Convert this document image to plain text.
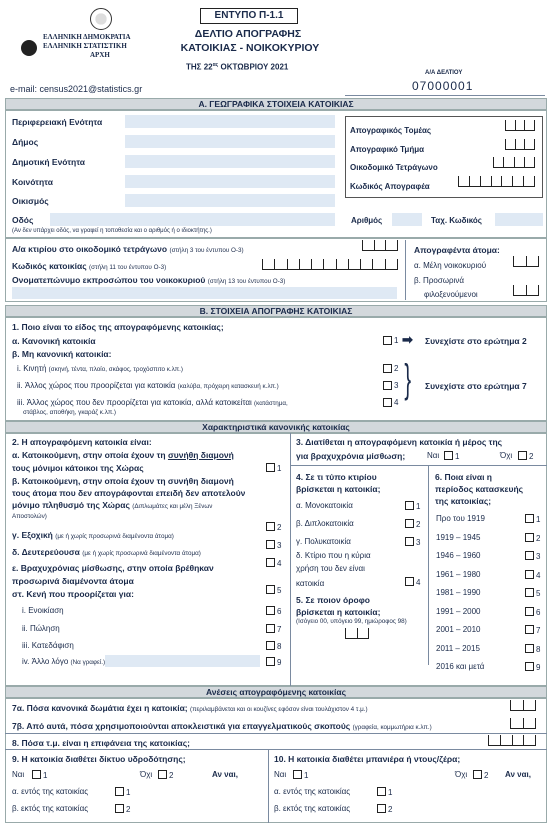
ΕΛΛΗΝΙΚΗ ΔΗΜΟΚΡΑΤΙΑ
ΕΛΛΗΝΙΚΗ ΣΤΑΤΙΣΤΙΚΗ
ΑΡΧΗ
e-mail: census2021@statistics.gr
ΕΝΤΥΠΟ Π-1.1
ΔΕΛΤΙΟ ΑΠΟΓΡΑΦΗΣ
ΚΑΤΟΙΚΙΑΣ - ΝΟΙΚΟΚΥΡΙΟΥ
ΤΗΣ $22^{\alpha\varsigma}$ ΟΚΤΩΒΡΙΟΥ 2021
Α/Α ΔΕΛΤΙΟΥ
07000001
Α. ΓΕΩΓΡΑΦΙΚΑ ΣΤΟΙΧΕΙΑ ΚΑΤΟΙΚΙΑΣ
Περιφερειακή Ενότητα
Δήμος
Δημοτική Ενότητα
Κοινότητα
Οικισμός
Οδός
(Αν δεν υπάρχει οδός, να γραφεί η τοποθεσία και ο αριθμός ή ο ιδιοκτήτης.)
Απογραφικός Τομέας
Απογραφικό Τμήμα
Οικοδομικό Τετράγωνο
Κωδικός Απογραφέα
Αριθμός	Ταχ. Κωδικός
Α/α κτιρίου στο οικοδομικό τετράγωνο (στήλη 3 του έντυπου Ο-3)
Κωδικός κατοικίας (στήλη 11 του έντυπου Ο-3)
Ονοματεπώνυμο εκπροσώπου του νοικοκυριού (στήλη 13 του έντυπου Ο-3)
Απογραφέντα άτομα:
α. Μέλη νοικοκυριού
β. Προσωρινά
φιλοξενούμενοι
Β. ΣΤΟΙΧΕΙΑ ΑΠΟΓΡΑΦΗΣ ΚΑΤΟΙΚΙΑΣ
1. Ποιο είναι το είδος της απογραφόμενης κατοικίας;
α. Κανονική κατοικία	1 ➡ Συνεχίστε στο ερώτημα 2
β. Μη κανονική κατοικία:
i. Κινητή (σκηνή, τέντα, πλοίο, σκάφος, τροχόσπιτο κ.λπ.)	2
ii. Άλλος χώρος που προορίζεται για κατοικία (καλύβα, πρόχειρη κατασκευή κ.λπ.)	3
iii. Άλλος χώρος που δεν προορίζεται για κατοικία, αλλά κατοικείται (κατάστημα,
στάβλος, αποθήκη, γκαράζ κ.λπ.)
4
} Συνεχίστε στο ερώτημα 7
Χαρακτηριστικά κανονικής κατοικίας
2. Η απογραφόμενη κατοικία είναι:
α. Κατοικούμενη, στην οποία έχουν τη συνήθη διαμονή
τους μόνιμοι κάτοικοι της Χώρας	1
β. Κατοικούμενη, στην οποία έχουν τη συνήθη διαμονή
τους άτομα που δεν απογράφονται επειδή δεν αποτελούν
μόνιμο πληθυσμό της Χώρας (Διπλωμάτες και μέλη Ξένων
Αποστολών)
2
γ. Εξοχική (με ή χωρίς προσωρινά διαμένοντα άτομα)
3
δ. Δευτερεύουσα (με ή χωρίς προσωρινά διαμένοντα άτομα)
4
ε. Βραχυχρόνιας μίσθωσης, στην οποία βρέθηκαν
προσωρινά διαμένοντα άτομα
5
στ. Κενή που προορίζεται για:
i. Ενοικίαση	6
ii. Πώληση	7
iii. Κατεδάφιση	8
iv. Άλλο λόγο (Να γραφεί.)	9
3. Διατίθεται η απογραφόμενη κατοικία ή μέρος της
για βραχυχρόνια μίσθωση;	Ναι 1	Όχι 2
4. Σε τι τύπο κτιρίου
βρίσκεται η κατοικία;
α. Μονοκατοικία	1
β. Διπλοκατοικία	2
γ. Πολυκατοικία	3
δ. Κτίριο που η κύρια
χρήση του δεν είναι
κατοικία	4
5. Σε ποιον όροφο
βρίσκεται η κατοικία;
(Ισόγειο 00, υπόγειο 99, ημιώροφος 98)
6. Ποια είναι η
περίοδος κατασκευής
της κατοικίας;
Προ του 1919	1
1919 – 1945	2
1946 – 1960	3
1961 – 1980	4
1981 – 1990	5
1991 – 2000	6
2001 – 2010	7
2011 – 2015	8
2016 και μετά	9
Ανέσεις απογραφόμενης κατοικίας
7α. Πόσα κανονικά δωμάτια έχει η κατοικία; (περιλαμβάνεται και οι κουζίνες εφόσον είναι τουλάχιστον 4 τ.μ.)
7β. Από αυτά, πόσα χρησιμοποιούνται αποκλειστικά για επαγγελματικούς σκοπούς (γραφεία, κομμωτήρια κ.λπ.)
8. Πόσα τ.μ. είναι η επιφάνεια της κατοικίας;
9. Η κατοικία διαθέτει δίκτυο υδροδότησης;
Ναι 1	Όχι 2	Αν ναι,
α. εντός της κατοικίας	1
β. εκτός της κατοικίας	2
10. Η κατοικία διαθέτει μπανιέρα ή ντους/ζέρα;
Ναι 1	Όχι 2 Αν ναι,
α. εντός της κατοικίας	1
β. εκτός της κατοικίας	2
